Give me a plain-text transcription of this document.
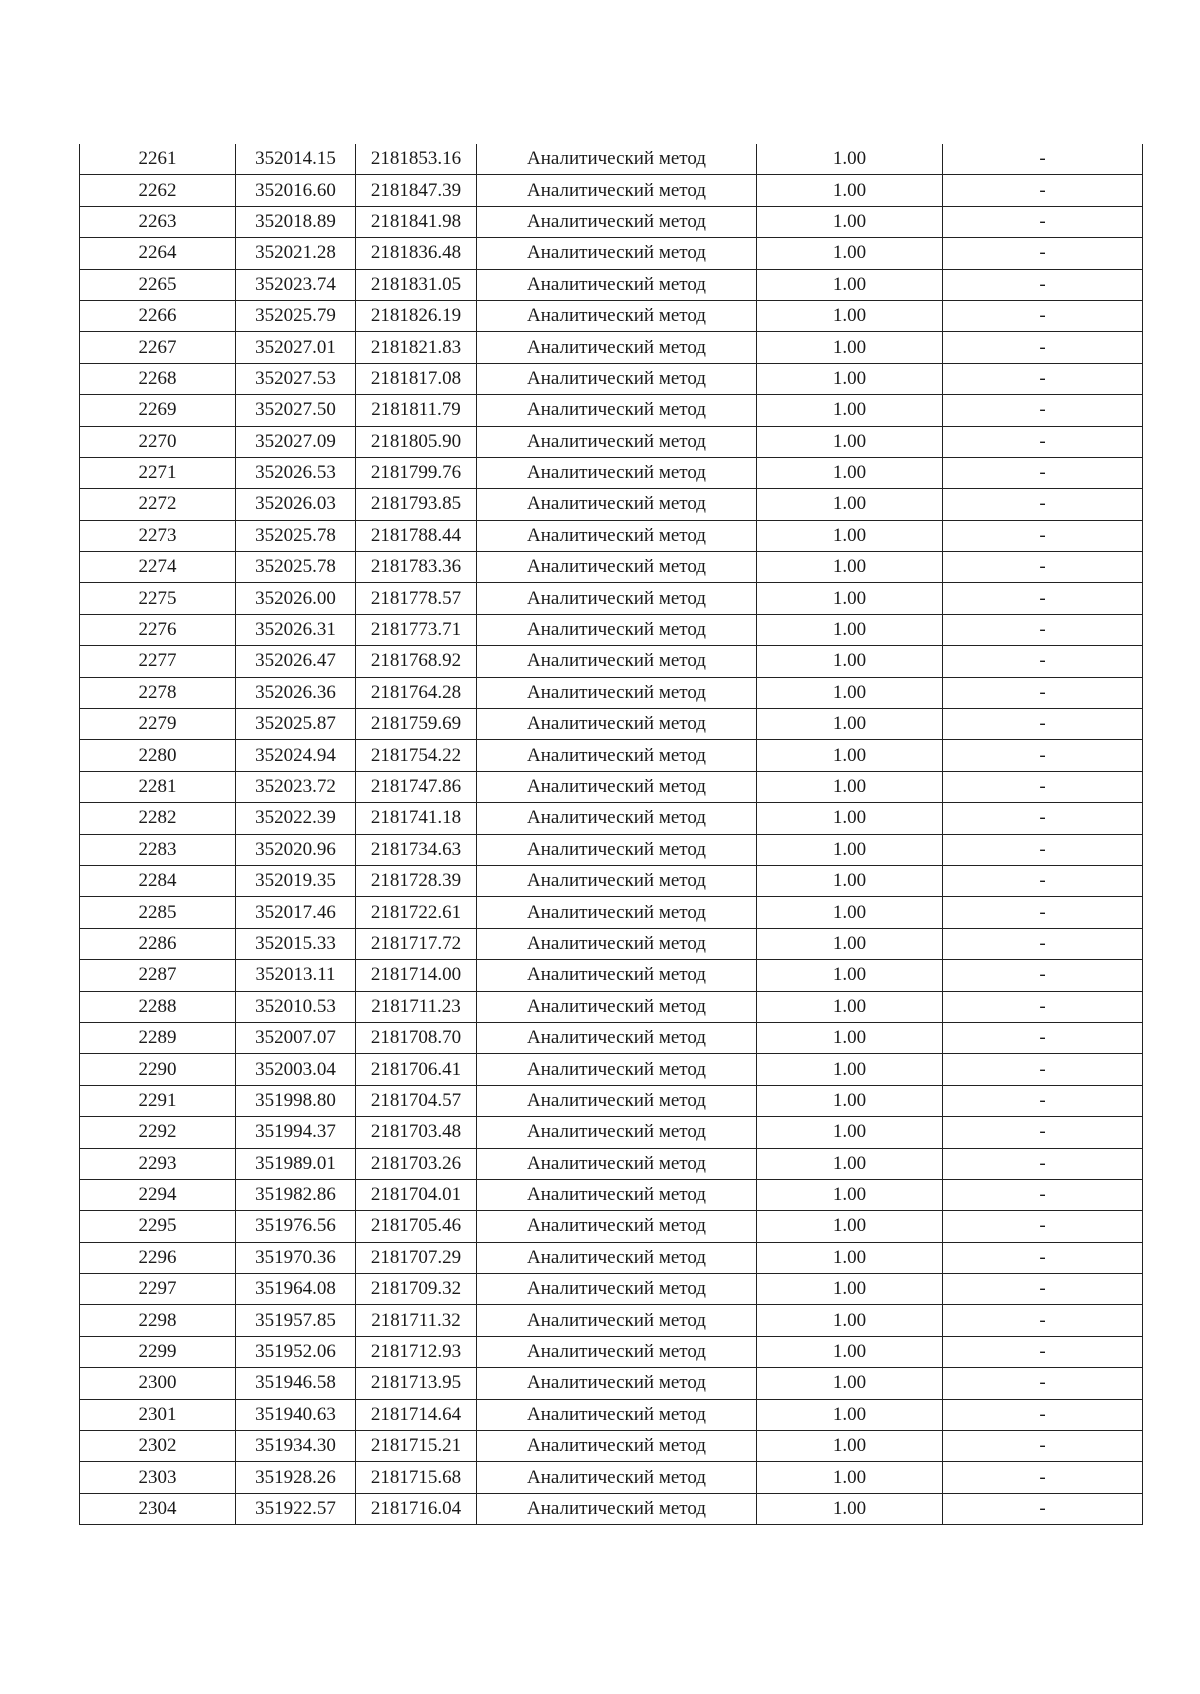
2261	352014.15	2181853.16	Аналитический метод	1.00	-
2262	352016.60	2181847.39	Аналитический метод	1.00	-
2263	352018.89	2181841.98	Аналитический метод	1.00	-
2264	352021.28	2181836.48	Аналитический метод	1.00	-
2265	352023.74	2181831.05	Аналитический метод	1.00	-
2266	352025.79	2181826.19	Аналитический метод	1.00	-
2267	352027.01	2181821.83	Аналитический метод	1.00	-
2268	352027.53	2181817.08	Аналитический метод	1.00	-
2269	352027.50	2181811.79	Аналитический метод	1.00	-
2270	352027.09	2181805.90	Аналитический метод	1.00	-
2271	352026.53	2181799.76	Аналитический метод	1.00	-
2272	352026.03	2181793.85	Аналитический метод	1.00	-
2273	352025.78	2181788.44	Аналитический метод	1.00	-
2274	352025.78	2181783.36	Аналитический метод	1.00	-
2275	352026.00	2181778.57	Аналитический метод	1.00	-
2276	352026.31	2181773.71	Аналитический метод	1.00	-
2277	352026.47	2181768.92	Аналитический метод	1.00	-
2278	352026.36	2181764.28	Аналитический метод	1.00	-
2279	352025.87	2181759.69	Аналитический метод	1.00	-
2280	352024.94	2181754.22	Аналитический метод	1.00	-
2281	352023.72	2181747.86	Аналитический метод	1.00	-
2282	352022.39	2181741.18	Аналитический метод	1.00	-
2283	352020.96	2181734.63	Аналитический метод	1.00	-
2284	352019.35	2181728.39	Аналитический метод	1.00	-
2285	352017.46	2181722.61	Аналитический метод	1.00	-
2286	352015.33	2181717.72	Аналитический метод	1.00	-
2287	352013.11	2181714.00	Аналитический метод	1.00	-
2288	352010.53	2181711.23	Аналитический метод	1.00	-
2289	352007.07	2181708.70	Аналитический метод	1.00	-
2290	352003.04	2181706.41	Аналитический метод	1.00	-
2291	351998.80	2181704.57	Аналитический метод	1.00	-
2292	351994.37	2181703.48	Аналитический метод	1.00	-
2293	351989.01	2181703.26	Аналитический метод	1.00	-
2294	351982.86	2181704.01	Аналитический метод	1.00	-
2295	351976.56	2181705.46	Аналитический метод	1.00	-
2296	351970.36	2181707.29	Аналитический метод	1.00	-
2297	351964.08	2181709.32	Аналитический метод	1.00	-
2298	351957.85	2181711.32	Аналитический метод	1.00	-
2299	351952.06	2181712.93	Аналитический метод	1.00	-
2300	351946.58	2181713.95	Аналитический метод	1.00	-
2301	351940.63	2181714.64	Аналитический метод	1.00	-
2302	351934.30	2181715.21	Аналитический метод	1.00	-
2303	351928.26	2181715.68	Аналитический метод	1.00	-
2304	351922.57	2181716.04	Аналитический метод	1.00	-
